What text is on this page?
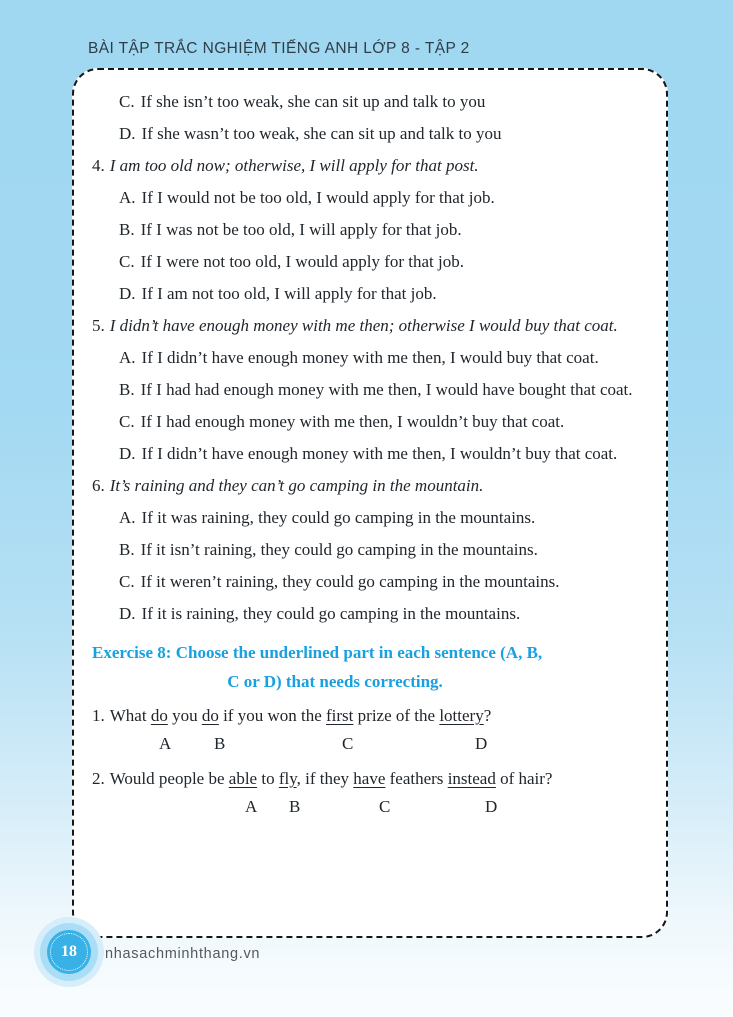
BÀI TẬP TRẮC NGHIỆM TIẾNG ANH LỚP 8 - TẬP 2

C. If she isn’t too weak, she can sit up and talk to you

D. If she wasn’t too weak, she can sit up and talk to you

4. I am too old now; otherwise, I will apply for that post.

A. If I would not be too old, I would apply for that job.

B. If I was not be too old, I will apply for that job.

C. If I were not too old, I would apply for that job.

D. If I am not too old, I will apply for that job.

5. I didn’t have enough money with me then; otherwise I would buy that coat.

A. If I didn’t have enough money with me then, I would buy that coat.

B. If I had had enough money with me then, I would have bought that coat.

C. If I had enough money with me then, I wouldn’t buy that coat.

D. If I didn’t have enough money with me then, I wouldn’t buy that coat.

6. It’s raining and they can’t go camping in the mountain.

A. If it was raining, they could go camping in the mountains.

B. If it isn’t raining, they could go camping in the mountains.

C. If it weren’t raining, they could go camping in the mountains.

D. If it is raining, they could go camping in the mountains.

Exercise 8: Choose the underlined part in each sentence (A, B,
C or D) that needs correcting.

1. What do you do if you won the first prize of the lottery?

A	B	C	D

2. Would people be able to fly, if they have feathers instead of hair?

A B	C	D
18 nhasachminhthang.vn
